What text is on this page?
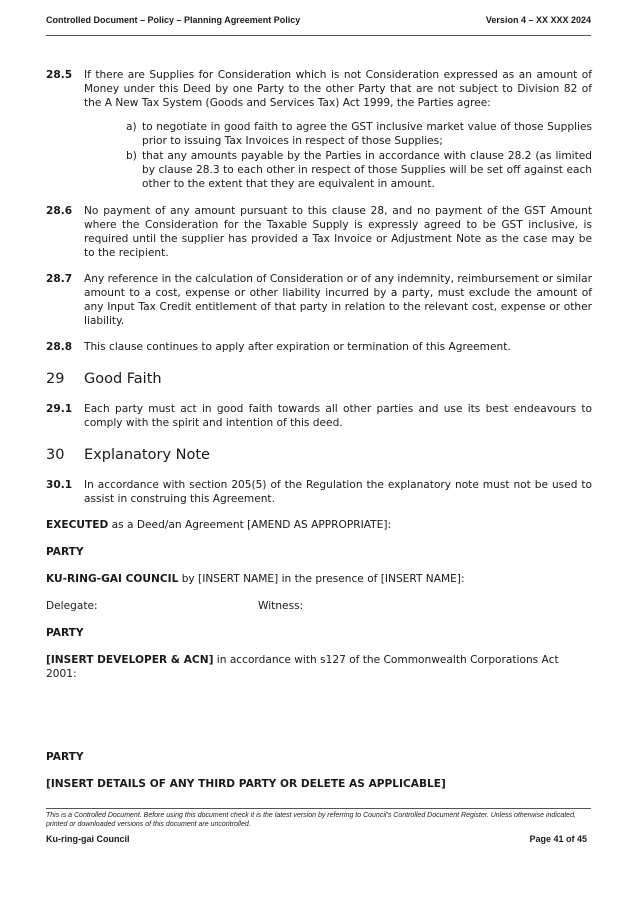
Controlled Document – Policy – Planning Agreement Policy	Version 4 – XX XXX 2024
28.5	If there are Supplies for Consideration which is not Consideration expressed as an amount of Money under this Deed by one Party to the other Party that are not subject to Division 82 of the A New Tax System (Goods and Services Tax) Act 1999, the Parties agree:
a) to negotiate in good faith to agree the GST inclusive market value of those Supplies prior to issuing Tax Invoices in respect of those Supplies;
b) that any amounts payable by the Parties in accordance with clause 28.2 (as limited by clause 28.3 to each other in respect of those Supplies will be set off against each other to the extent that they are equivalent in amount.
28.6	No payment of any amount pursuant to this clause 28, and no payment of the GST Amount where the Consideration for the Taxable Supply is expressly agreed to be GST inclusive, is required until the supplier has provided a Tax Invoice or Adjustment Note as the case may be to the recipient.
28.7	Any reference in the calculation of Consideration or of any indemnity, reimbursement or similar amount to a cost, expense or other liability incurred by a party, must exclude the amount of any Input Tax Credit entitlement of that party in relation to the relevant cost, expense or other liability.
28.8	This clause continues to apply after expiration or termination of this Agreement.
29	Good Faith
29.1	Each party must act in good faith towards all other parties and use its best endeavours to comply with the spirit and intention of this deed.
30	Explanatory Note
30.1	In accordance with section 205(5) of the Regulation the explanatory note must not be used to assist in construing this Agreement.
EXECUTED as a Deed/an Agreement [AMEND AS APPROPRIATE]:
PARTY
KU-RING-GAI COUNCIL by [INSERT NAME] in the presence of [INSERT NAME]:
Delegate:	Witness:
PARTY
[INSERT DEVELOPER & ACN] in accordance with s127 of the Commonwealth Corporations Act 2001:
PARTY
[INSERT DETAILS OF ANY THIRD PARTY OR DELETE AS APPLICABLE]
This is a Controlled Document. Before using this document check it is the latest version by referring to Council’s Controlled Document Register. Unless otherwise indicated, printed or downloaded versions of this document are uncontrolled.
Ku-ring-gai Council	Page 41 of 45
